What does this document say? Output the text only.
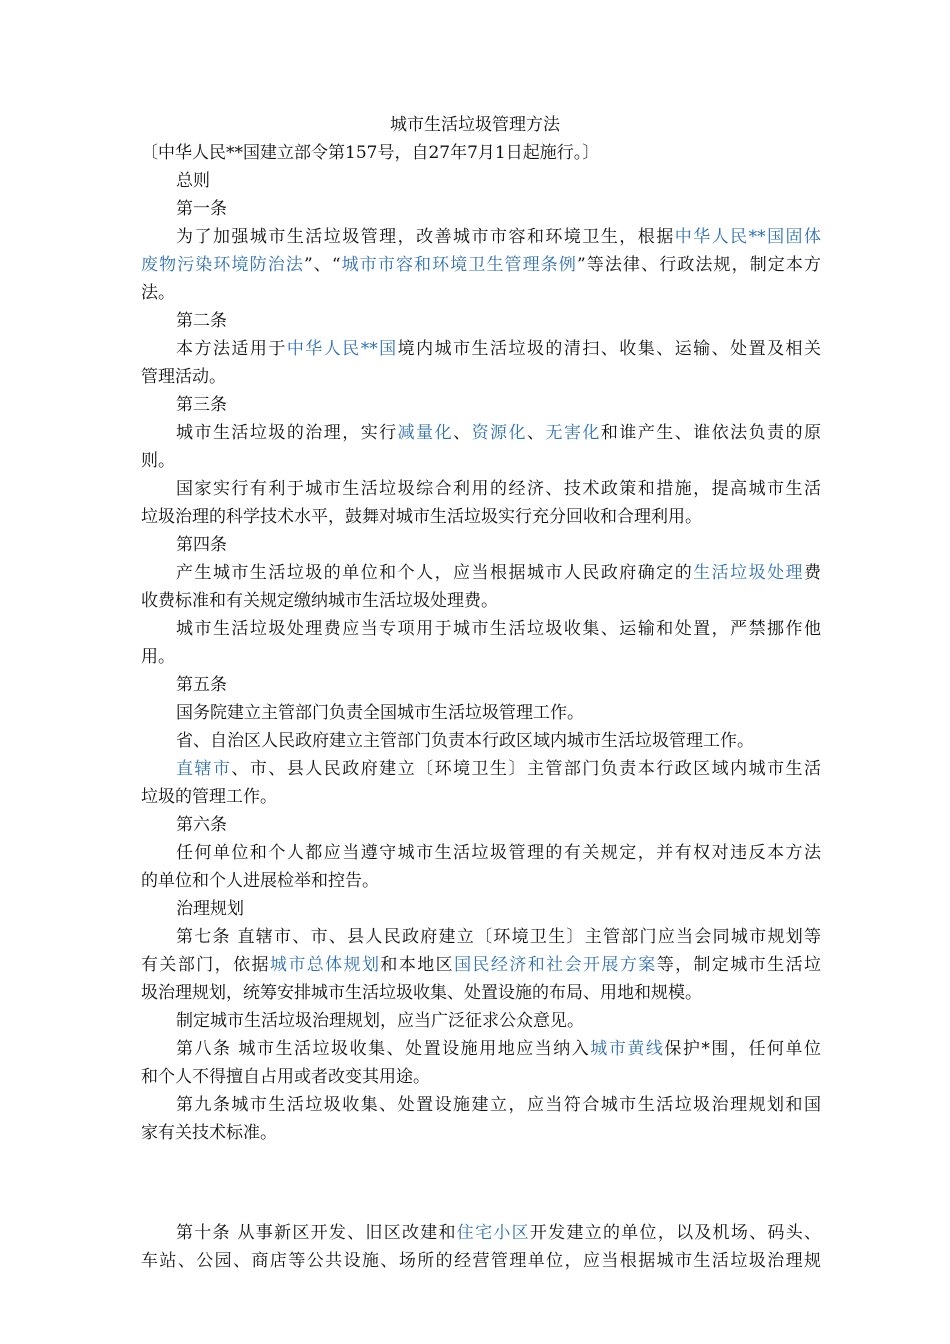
城市生活垃圾管理方法
〔中华人民**国建立部令第157号，自27年7月1日起施行。〕
总则
第一条
为了加强城市生活垃圾管理，改善城市市容和环境卫生，根据中华人民**国固体
废物污染环境防治法”、“城市市容和环境卫生管理条例”等法律、行政法规，制定本方
法。
第二条
本方法适用于中华人民**国境内城市生活垃圾的清扫、收集、运输、处置及相关
管理活动。
第三条
城市生活垃圾的治理，实行减量化、资源化、无害化和谁产生、谁依法负责的原
则。
国家实行有利于城市生活垃圾综合利用的经济、技术政策和措施，提高城市生活
垃圾治理的科学技术水平，鼓舞对城市生活垃圾实行充分回收和合理利用。
第四条
产生城市生活垃圾的单位和个人，应当根据城市人民政府确定的生活垃圾处理费
收费标准和有关规定缴纳城市生活垃圾处理费。
城市生活垃圾处理费应当专项用于城市生活垃圾收集、运输和处置，严禁挪作他
用。
第五条
国务院建立主管部门负责全国城市生活垃圾管理工作。
省、自治区人民政府建立主管部门负责本行政区域内城市生活垃圾管理工作。
直辖市、市、县人民政府建立〔环境卫生〕主管部门负责本行政区域内城市生活
垃圾的管理工作。
第六条
任何单位和个人都应当遵守城市生活垃圾管理的有关规定，并有权对违反本方法
的单位和个人进展检举和控告。
治理规划
第七条 直辖市、市、县人民政府建立〔环境卫生〕主管部门应当会同城市规划等
有关部门，依据城市总体规划和本地区国民经济和社会开展方案等，制定城市生活垃
圾治理规划，统筹安排城市生活垃圾收集、处置设施的布局、用地和规模。
制定城市生活垃圾治理规划，应当广泛征求公众意见。
第八条 城市生活垃圾收集、处置设施用地应当纳入城市黄线保护*围，任何单位
和个人不得擅自占用或者改变其用途。
第九条城市生活垃圾收集、处置设施建立，应当符合城市生活垃圾治理规划和国
家有关技术标准。
第十条 从事新区开发、旧区改建和住宅小区开发建立的单位，以及机场、码头、
车站、公园、商店等公共设施、场所的经营管理单位，应当根据城市生活垃圾治理规
